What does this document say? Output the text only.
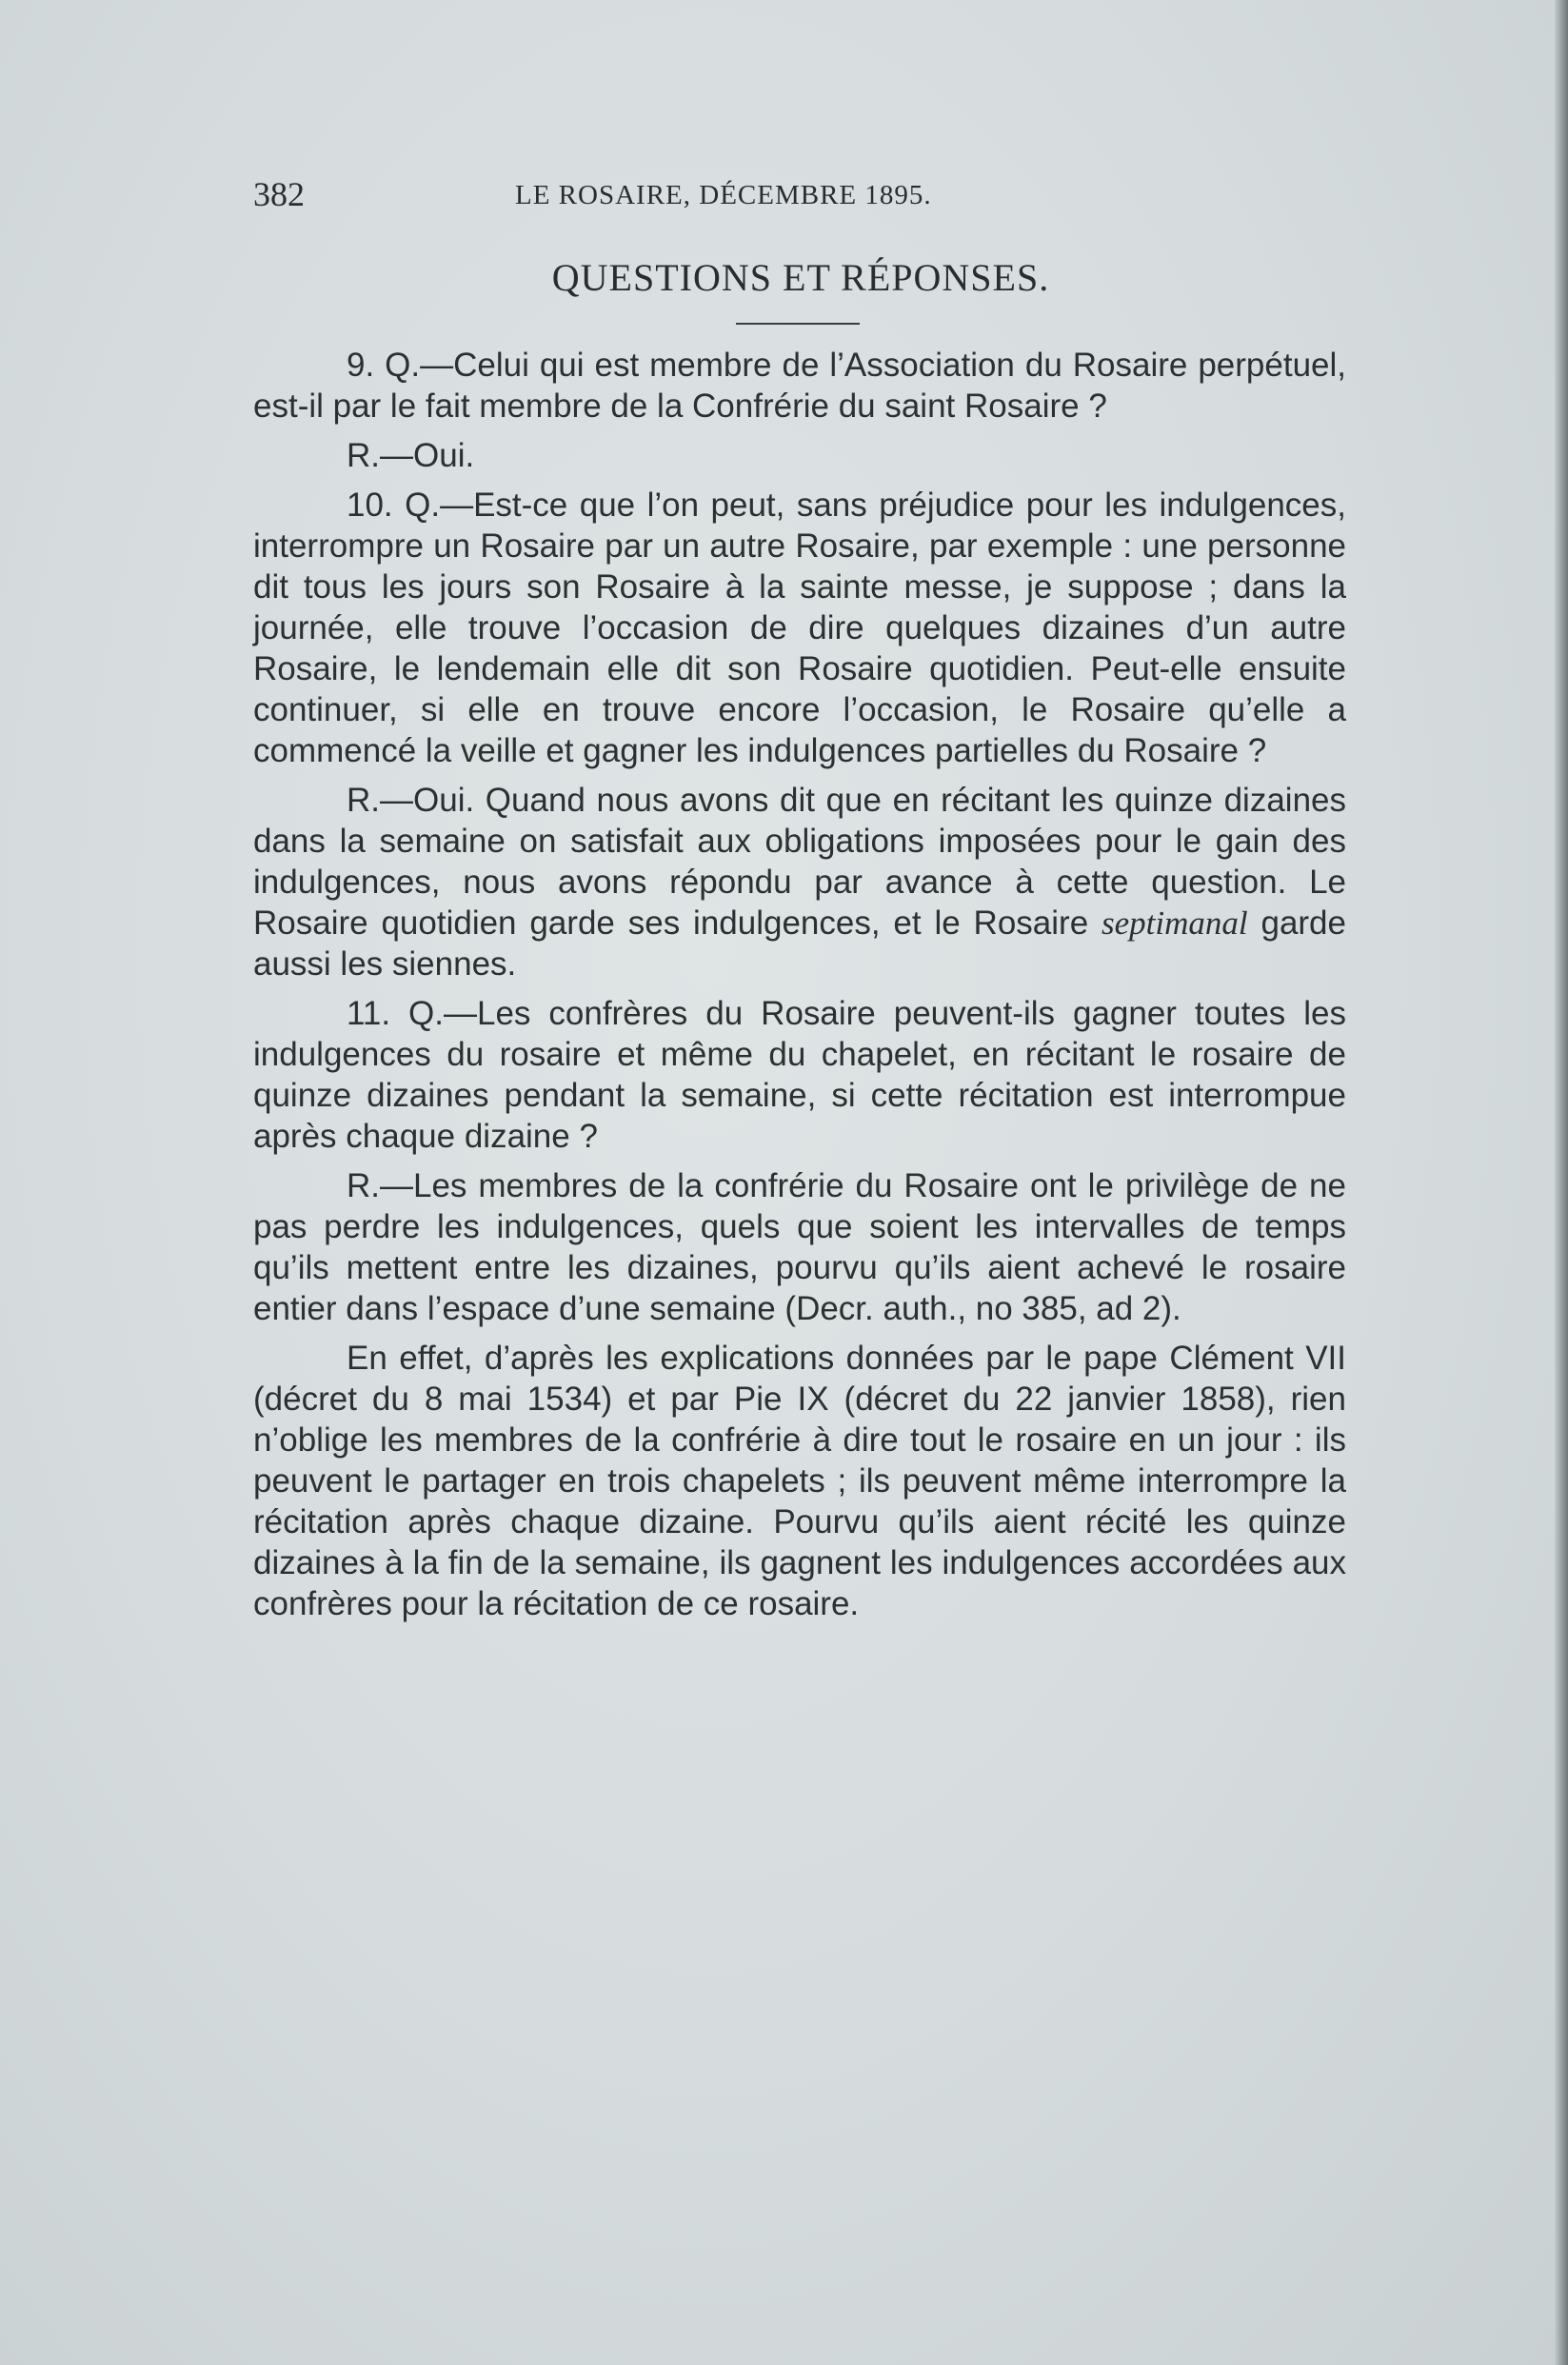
382	LE ROSAIRE, DÉCEMBRE 1895.
QUESTIONS ET RÉPONSES.

9. Q.—Celui qui est membre de l’Association du Rosaire perpétuel, est-il par le fait membre de la Confrérie du saint Rosaire ?

R.—Oui.

10. Q.—Est-ce que l’on peut, sans préjudice pour les indulgences, interrompre un Rosaire par un autre Rosaire, par exemple : une personne dit tous les jours son Rosaire à la sainte messe, je suppose ; dans la journée, elle trouve l’occasion de dire quelques dizaines d’un autre Rosaire, le lendemain elle dit son Rosaire quotidien. Peut-elle ensuite continuer, si elle en trouve encore l’occasion, le Rosaire qu’elle a commencé la veille et gagner les indulgences partielles du Rosaire ?

R.—Oui. Quand nous avons dit que en récitant les quinze dizaines dans la semaine on satisfait aux obligations imposées pour le gain des indulgences, nous avons répondu par avance à cette question. Le Rosaire quotidien garde ses indulgences, et le Rosaire septimanal garde aussi les siennes.

11. Q.—Les confrères du Rosaire peuvent-ils gagner toutes les indulgences du rosaire et même du chapelet, en récitant le rosaire de quinze dizaines pendant la semaine, si cette récitation est interrompue après chaque dizaine ?

R.—Les membres de la confrérie du Rosaire ont le privilège de ne pas perdre les indulgences, quels que soient les intervalles de temps qu’ils mettent entre les dizaines, pourvu qu’ils aient achevé le rosaire entier dans l’espace d’une semaine (Decr. auth., no 385, ad 2).

En effet, d’après les explications données par le pape Clément VII (décret du 8 mai 1534) et par Pie IX (décret du 22 janvier 1858), rien n’oblige les membres de la confrérie à dire tout le rosaire en un jour : ils peuvent le partager en trois chapelets ; ils peuvent même interrompre la récitation après chaque dizaine. Pourvu qu’ils aient récité les quinze dizaines à la fin de la semaine, ils gagnent les indulgences accordées aux confrères pour la récitation de ce rosaire.
